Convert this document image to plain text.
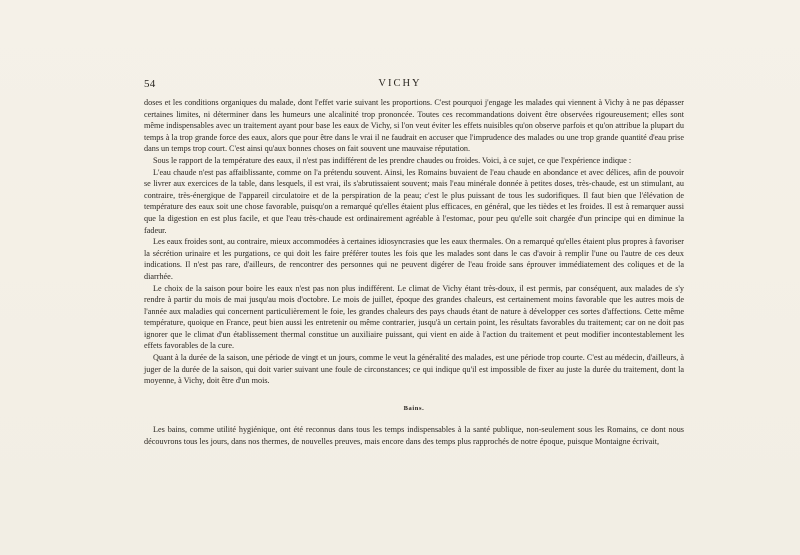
54	VICHY

doses et les conditions organiques du malade, dont l'effet varie suivant les proportions. C'est pourquoi j'engage les malades qui viennent à Vichy à ne pas dépasser certaines limites, ni déterminer dans les humeurs une alcalinité trop prononcée. Toutes ces recommandations doivent être observées rigoureusement; elles sont même indispensables avec un traitement ayant pour base les eaux de Vichy, si l'on veut éviter les effets nuisibles qu'on observe parfois et qu'on attribue la plupart du temps à la trop grande force des eaux, alors que pour être dans le vrai il ne faudrait en accuser que l'imprudence des malades ou une trop grande quantité d'eau prise dans un temps trop court. C'est ainsi qu'aux bonnes choses on fait souvent une mauvaise réputation.

Sous le rapport de la température des eaux, il n'est pas indifférent de les prendre chaudes ou froides. Voici, à ce sujet, ce que l'expérience indique :

L'eau chaude n'est pas affaiblissante, comme on l'a prétendu souvent. Ainsi, les Romains buvaient de l'eau chaude en abondance et avec délices, afin de pouvoir se livrer aux exercices de la table, dans lesquels, il est vrai, ils s'abrutissaient souvent; mais l'eau minérale donnée à petites doses, très-chaude, est un stimulant, au contraire, très-énergique de l'appareil circulatoire et de la perspiration de la peau; c'est le plus puissant de tous les sudorifiques. Il faut bien que l'élévation de température des eaux soit une chose favorable, puisqu'on a remarqué qu'elles étaient plus efficaces, en général, que les tièdes et les froides. Il est à remarquer aussi que la digestion en est plus facile, et que l'eau très-chaude est ordinairement agréable à l'estomac, pour peu qu'elle soit chargée d'un principe qui en diminue la fadeur.

Les eaux froides sont, au contraire, mieux accommodées à certaines idiosyncrasies que les eaux thermales. On a remarqué qu'elles étaient plus propres à favoriser la sécrétion urinaire et les purgations, ce qui doit les faire préférer toutes les fois que les malades sont dans le cas d'avoir à remplir l'une ou l'autre de ces deux indications. Il n'est pas rare, d'ailleurs, de rencontrer des personnes qui ne peuvent digérer de l'eau froide sans éprouver immédiatement des coliques et de la diarrhée.

Le choix de la saison pour boire les eaux n'est pas non plus indifférent. Le climat de Vichy étant très-doux, il est permis, par conséquent, aux malades de s'y rendre à partir du mois de mai jusqu'au mois d'octobre. Le mois de juillet, époque des grandes chaleurs, est certainement moins favorable que les autres mois de l'année aux maladies qui concernent particulièrement le foie, les grandes chaleurs des pays chauds étant de nature à développer ces sortes d'affections. Cette même température, quoique en France, peut bien aussi les entretenir ou même contrarier, jusqu'à un certain point, les résultats favorables du traitement; car on ne doit pas ignorer que le climat d'un établissement thermal constitue un auxiliaire puissant, qui vient en aide à l'action du traitement et peut modifier incontestablement les effets favorables de la cure.

Quant à la durée de la saison, une période de vingt et un jours, comme le veut la généralité des malades, est une période trop courte. C'est au médecin, d'ailleurs, à juger de la durée de la saison, qui doit varier suivant une foule de circonstances; ce qui indique qu'il est impossible de fixer au juste la durée du traitement, dont la moyenne, à Vichy, doit être d'un mois.

Bains.

Les bains, comme utilité hygiénique, ont été reconnus dans tous les temps indispensables à la santé publique, non-seulement sous les Romains, ce dont nous découvrons tous les jours, dans nos thermes, de nouvelles preuves, mais encore dans des temps plus rapprochés de notre époque, puisque Montaigne écrivait,
